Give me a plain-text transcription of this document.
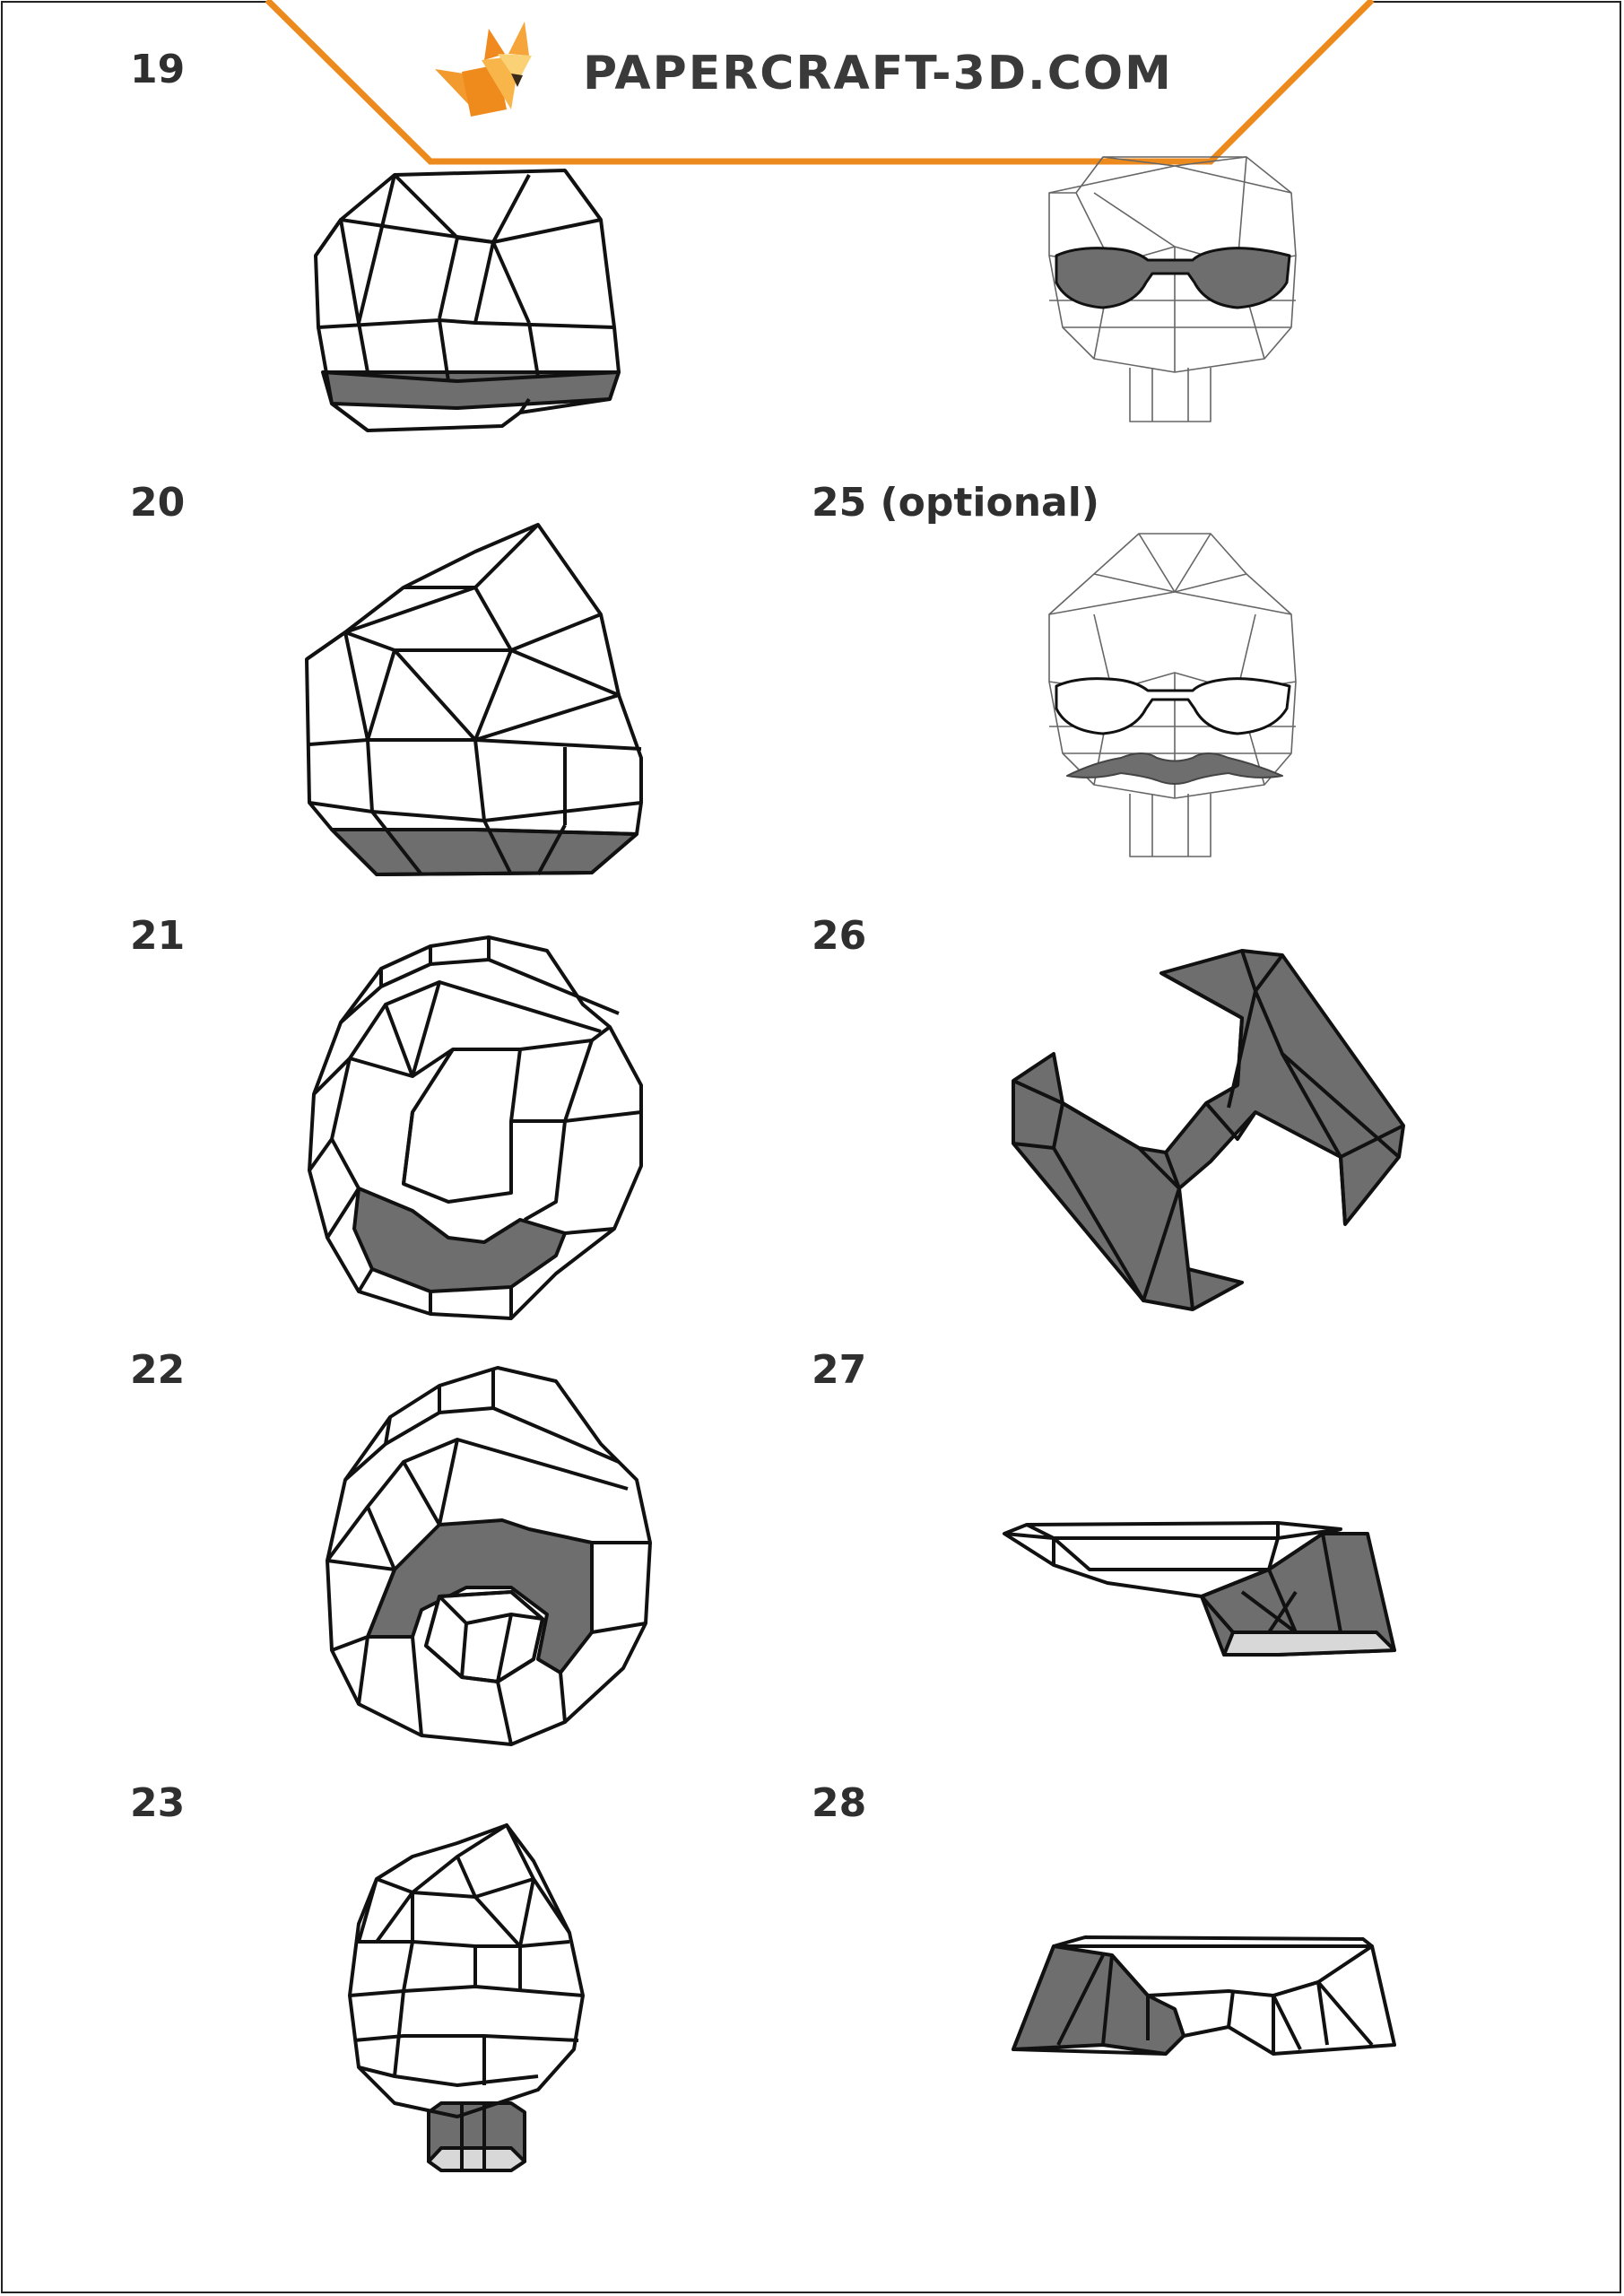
PAPERCRAFT-3D.COM
19
20
21
22
23
25 (optional)
26
27
28
